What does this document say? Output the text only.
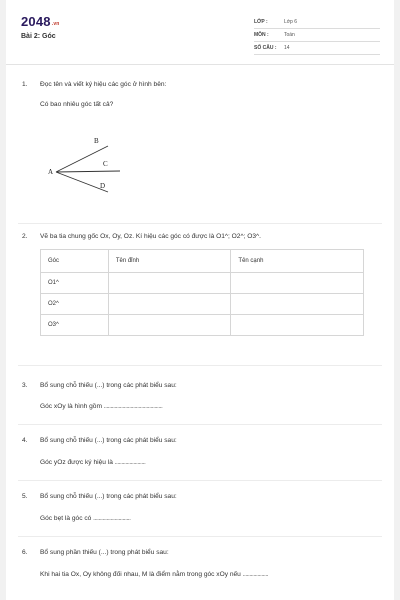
$2048^{.vn}$
Bài 2: Góc
LỚP :	Lớp 6
MÔN :	Toán
SỐ CÂU : 14
1. Đọc tên và viết ký hiệu các góc ở hình bên:
Có bao nhiêu góc tất cả?
A
B
C
D
2. Vẽ ba tia chung gốc Ox, Oy, Oz. Kí hiệu các góc có được là O1^; O2^; O3^.
Góc	Tên đỉnh	Tên cạnh
O1^		
O2^		
O3^		
3. Bổ sung chỗ thiếu (...) trong các phát biểu sau:
Góc xOy là hình gồm ............................................
4. Bổ sung chỗ thiếu (...) trong các phát biểu sau:
Góc yOz được ký hiệu là .......................
5. Bổ sung chỗ thiếu (...) trong các phát biểu sau:
Góc bẹt là góc có ............................
6. Bổ sung phần thiếu (...) trong phát biểu sau:
Khi hai tia Ox, Oy không đối nhau, M là điểm nằm trong góc xOy nếu ...................
